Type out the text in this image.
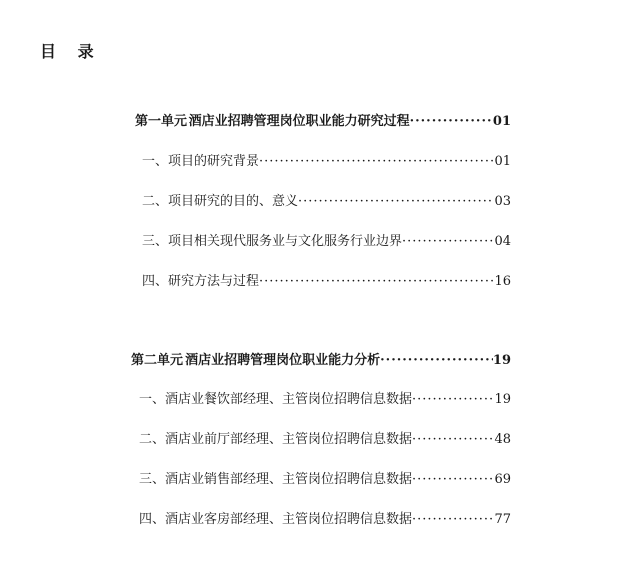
目 录
第一单元 酒店业招聘管理岗位职业能力研究过程 ·····	01
一、项目的研究背景 ·····	01
二、项目研究的目的、意义 ·····	03
三、项目相关现代服务业与文化服务行业边界 ·····	04
四、研究方法与过程 ·····	16
第二单元 酒店业招聘管理岗位职业能力分析 ·····	19
一、酒店业餐饮部经理、主管岗位招聘信息数据 ·····	19
二、酒店业前厅部经理、主管岗位招聘信息数据 ·····	48
三、酒店业销售部经理、主管岗位招聘信息数据 ·····	69
四、酒店业客房部经理、主管岗位招聘信息数据 ·····	77
